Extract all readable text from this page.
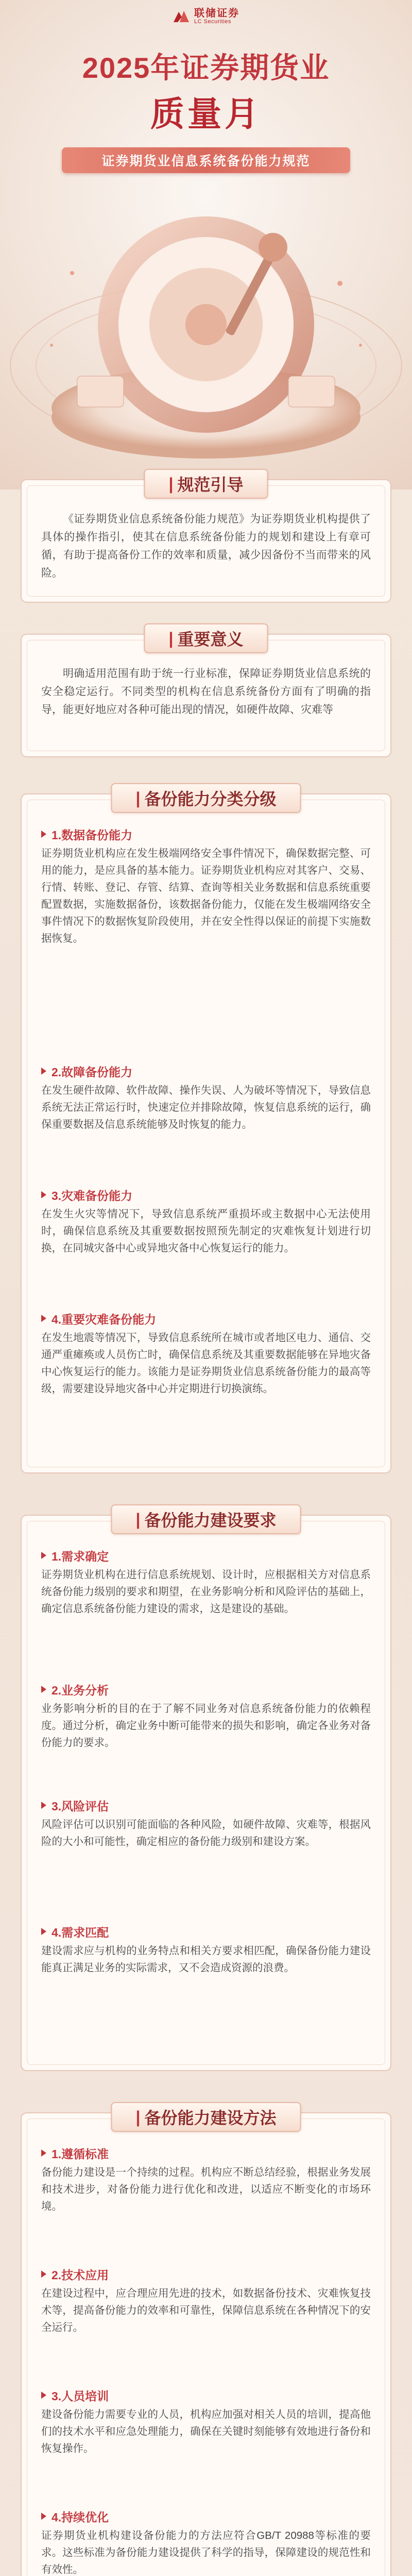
联储证券
LC Securities
2025年证券期货业
质量月
证券期货业信息系统备份能力规范
| 规范引导
《证券期货业信息系统备份能力规范》为证券期货业机构提供了具体的操作指引，使其在信息系统备份能力的规划和建设上有章可循，有助于提高备份工作的效率和质量，减少因备份不当而带来的风险。
| 重要意义
明确适用范围有助于统一行业标准，保障证券期货业信息系统的安全稳定运行。不同类型的机构在信息系统备份方面有了明确的指导，能更好地应对各种可能出现的情况，如硬件故障、灾难等
| 备份能力分类分级
1.数据备份能力
证券期货业机构应在发生极端网络安全事件情况下，确保数据完整、可用的能力，是应具备的基本能力。证券期货业机构应对其客户、交易、行情、转账、登记、存管、结算、查询等相关业务数据和信息系统重要配置数据，实施数据备份，该数据备份能力，仅能在发生极端网络安全事件情况下的数据恢复阶段使用，并在安全性得以保证的前提下实施数据恢复。
2.故障备份能力
在发生硬件故障、软件故障、操作失误、人为破坏等情况下，导致信息系统无法正常运行时，快速定位并排除故障，恢复信息系统的运行，确保重要数据及信息系统能够及时恢复的能力。
3.灾难备份能力
在发生火灾等情况下，导致信息系统严重损坏或主数据中心无法使用时，确保信息系统及其重要数据按照预先制定的灾难恢复计划进行切换，在同城灾备中心或异地灾备中心恢复运行的能力。
4.重要灾难备份能力
在发生地震等情况下，导致信息系统所在城市或者地区电力、通信、交通严重瘫痪或人员伤亡时，确保信息系统及其重要数据能够在异地灾备中心恢复运行的能力。该能力是证券期货业信息系统备份能力的最高等级，需要建设异地灾备中心并定期进行切换演练。
| 备份能力建设要求
1.需求确定
证券期货业机构在进行信息系统规划、设计时，应根据相关方对信息系统备份能力级别的要求和期望，在业务影响分析和风险评估的基础上，确定信息系统备份能力建设的需求，这是建设的基础。
2.业务分析
业务影响分析的目的在于了解不同业务对信息系统备份能力的依赖程度。通过分析，确定业务中断可能带来的损失和影响，确定各业务对备份能力的要求。
3.风险评估
风险评估可以识别可能面临的各种风险，如硬件故障、灾难等，根据风险的大小和可能性，确定相应的备份能力级别和建设方案。
4.需求匹配
建设需求应与机构的业务特点和相关方要求相匹配，确保备份能力建设能真正满足业务的实际需求，又不会造成资源的浪费。
| 备份能力建设方法
1.遵循标准
备份能力建设是一个持续的过程。机构应不断总结经验，根据业务发展和技术进步，对备份能力进行优化和改进，以适应不断变化的市场环境。
2.技术应用
在建设过程中，应合理应用先进的技术，如数据备份技术、灾难恢复技术等，提高备份能力的效率和可靠性，保障信息系统在各种情况下的安全运行。
3.人员培训
建设备份能力需要专业的人员，机构应加强对相关人员的培训，提高他们的技术水平和应急处理能力，确保在关键时刻能够有效地进行备份和恢复操作。
4.持续优化
证券期货业机构建设备份能力的方法应符合GB/T 20988等标准的要求。这些标准为备份能力建设提供了科学的指导，保障建设的规范性和有效性。
